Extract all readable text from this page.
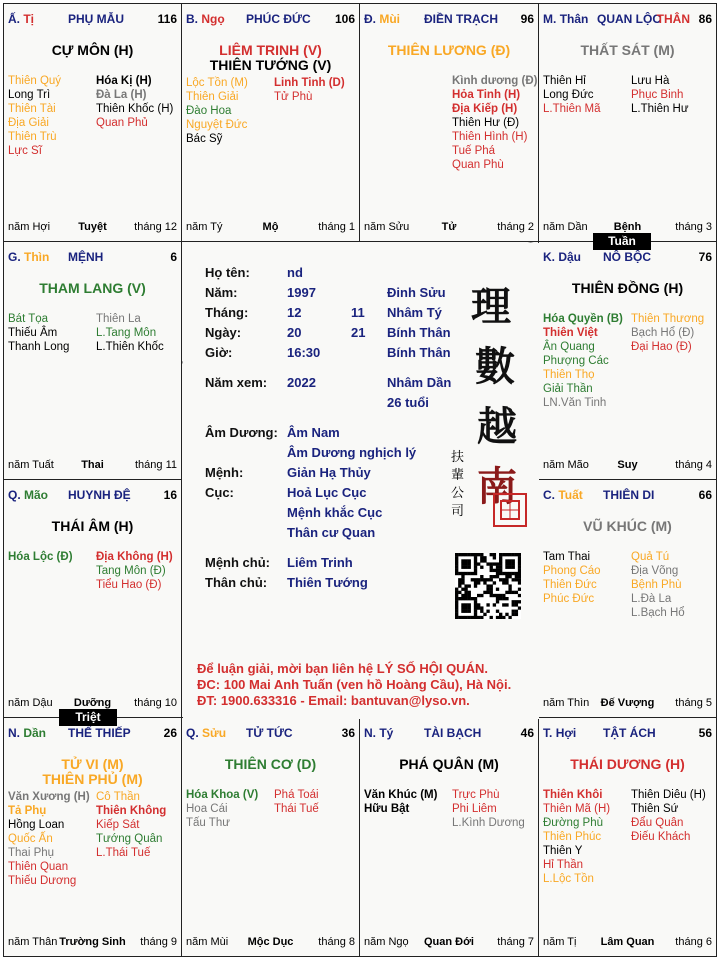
Ấ. Tị	PHỤ MẪU	116
CỰ MÔN (H)
Thiên Quý
Long Trì
Thiên Tài
Địa Giải
Thiên Trù
Lực Sĩ
Hóa Kị (H)
Đà La (H)
Thiên Khốc (H)
Quan Phủ
năm Hợi	Tuyệt	tháng 12
B. Ngọ PHÚC ĐỨC 106
LIÊM TRINH (V)
THIÊN TƯỚNG (V)
Lộc Tồn (M)
Thiên Giải
Đào Hoa
Nguyệt Đức
Bác Sỹ
Linh Tinh (D)
Tử Phù
năm Tý	Mộ	tháng 1
Đ. Mùi ĐIỀN TRẠCH 96
THIÊN LƯƠNG (Đ)
Kình dương (Đ)
Hỏa Tinh (H)
Địa Kiếp (H)
Thiên Hư (Đ)
Thiên Hình (H)
Tuế Phá
Quan Phù
năm Sửu	Tử	tháng 2
M. Thân QUAN LỘC
THÂN 86
THẤT SÁT (M)
Thiên Hỉ
Long Đức
L.Thiên Mã
Lưu Hà
Phục Binh
L.Thiên Hư
năm Dần	Bệnh	tháng 3
G. Thìn MỆNH	6
THAM LANG (V)
Bát Tọa
Thiếu Âm
Thanh Long
Thiên La
L.Tang Môn
L.Thiên Khốc
năm Tuất	Thai	tháng 11
K. Dậu NÔ BỘC	76
THIÊN ĐỒNG (H)
Hóa Quyền (B)
Thiên Việt
Ân Quang
Phượng Các
Thiên Thọ
Giải Thần
LN.Văn Tinh
Thiên Thương
Bạch Hổ (Đ)
Đại Hao (Đ)
năm Mão	Suy	tháng 4
Q. Mão HUYNH ĐỆ	16
THÁI ÂM (H)
Hóa Lộc (Đ) Địa Không (H)
Tang Môn (Đ)
Tiểu Hao (Đ)
năm Dậu	Dưỡng	tháng 10
C. Tuất THIÊN DI	66
VŨ KHÚC (M)
Tam Thai
Phong Cáo
Thiên Đức
Phúc Đức
Quả Tú
Địa Võng
Bệnh Phù
L.Đà La
L.Bạch Hổ
năm Thìn	Đế Vượng	tháng 5
N. Dần THẾ THIẾP	26
TỬ VI (M)
THIÊN PHỦ (M)
Văn Xương (H)
Tả Phụ
Hồng Loan
Quốc Ấn
Thai Phụ
Thiên Quan
Thiếu Dương
Cô Thần
Thiên Không
Kiếp Sát
Tướng Quân
L.Thái Tuế
năm Thân Trường Sinh	tháng 9
Q. Sửu TỬ TỨC	36
THIÊN CƠ (D)
Hóa Khoa (V)
Hoa Cái
Tấu Thư
Phá Toái
Thái Tuế
năm Mùi	Mộc Dục	tháng 8
N. Tý	TÀI BẠCH	46
PHÁ QUÂN (M)
Văn Khúc (M)
Hữu Bật
Trực Phù
Phi Liêm
L.Kình Dương
năm Ngọ	Quan Đới	tháng 7
T. Hợi TẬT ÁCH	56
THÁI DƯƠNG (H)
Thiên Khôi
Thiên Mã (H)
Đường Phù
Thiên Phúc
Thiên Y
Hỉ Thần
L.Lộc Tồn
Thiên Diêu (H)
Thiên Sứ
Đẩu Quân
Điếu Khách
năm Tị	Lâm Quan	tháng 6
Họ tên:	nd
Năm:	1997	Đinh Sửu
Tháng:	12	11 Nhâm Tý
Ngày:	20	21 Bính Thân
Giờ:	16:30	Bính Thân
Năm xem: 2022	Nhâm Dần
26 tuổi
Âm Dương: Âm Nam
Âm Dương nghịch lý
Mệnh:	Giản Hạ Thủy
Cục:	Hoả Lục Cục
Mệnh khắc Cục
Thân cư Quan
Mệnh chủ: Liêm Trinh
Thân chủ: Thiên Tướng
理
數
越
南
扶
輩
公
司
Để luận giải, mời bạn liên hệ LÝ SỐ HỘI QUÁN.
ĐC: 100 Mai Anh Tuấn (ven hồ Hoàng Cầu), Hà Nội.
ĐT: 1900.633316 - Email: bantuvan@lyso.vn.
Tuần
Triệt
